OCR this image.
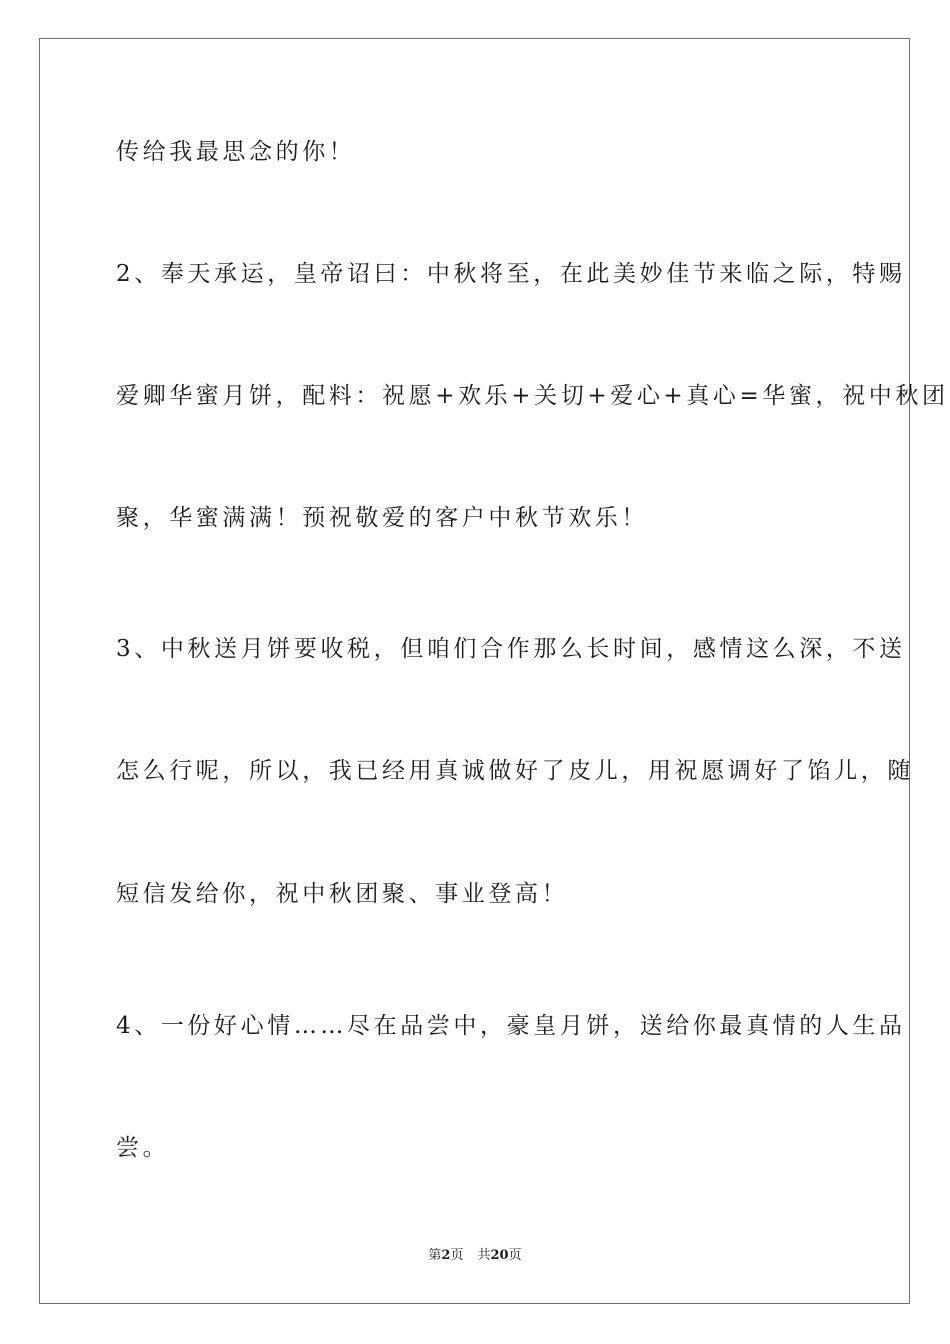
传给我最思念的你！
2、奉天承运，皇帝诏曰：中秋将至，在此美妙佳节来临之际，特赐
爱卿华蜜月饼，配料：祝愿+欢乐+关切+爱心+真心=华蜜，祝中秋团
聚，华蜜满满！预祝敬爱的客户中秋节欢乐！
3、中秋送月饼要收税，但咱们合作那么长时间，感情这么深，不送
怎么行呢，所以，我已经用真诚做好了皮儿，用祝愿调好了馅儿，随
短信发给你，祝中秋团聚、事业登高！
4、一份好心情……尽在品尝中，豪皇月饼，送给你最真情的人生品
尝。
第2页 共20页
